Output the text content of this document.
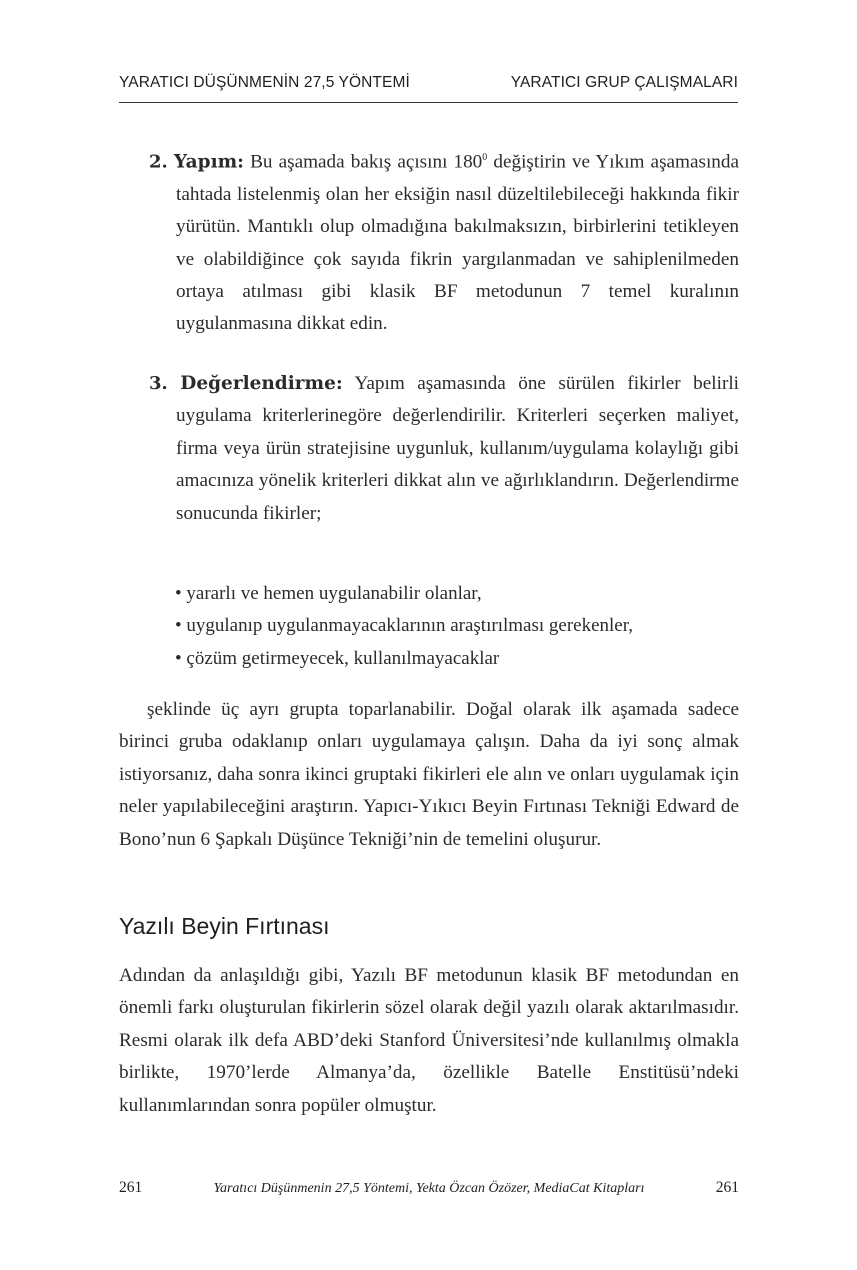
YARATICI DÜŞÜNMENİN 27,5 YÖNTEMİ	YARATICI GRUP ÇALIŞMALARI

2. Yapım: Bu aşamada bakış açısını $180^0$ değiştirin ve Yıkım aşamasında tahtada listelenmiş olan her eksiğin nasıl düzeltilebileceği hakkında fikir yürütün. Mantıklı olup olmadığına bakılmaksızın, birbirlerini tetikleyen ve olabildiğince çok sayıda fikrin yargılanmadan ve sahiplenilmeden ortaya atılması gibi klasik BF metodunun 7 temel kuralının uygulanmasına dikkat edin.

3. Değerlendirme: Yapım aşamasında öne sürülen fikirler belirli uygulama kriterlerinegöre değerlendirilir. Kriterleri seçerken maliyet, firma veya ürün stratejisine uygunluk, kullanım/uygulama kolaylığı gibi amacınıza yönelik kriterleri dikkat alın ve ağırlıklandırın. Değerlendirme sonucunda fikirler;

• yararlı ve hemen uygulanabilir olanlar,
• uygulanıp uygulanmayacaklarının araştırılması gerekenler,
• çözüm getirmeyecek, kullanılmayacaklar

şeklinde üç ayrı grupta toparlanabilir. Doğal olarak ilk aşamada sadece birinci gruba odaklanıp onları uygulamaya çalışın. Daha da iyi sonç almak istiyorsanız, daha sonra ikinci gruptaki fikirleri ele alın ve onları uygulamak için neler yapılabileceğini araştırın. Yapıcı-Yıkıcı Beyin Fırtınası Tekniği Edward de Bono’nun 6 Şapkalı Düşünce Tekniği’nin de temelini oluşurur.

Yazılı Beyin Fırtınası

Adından da anlaşıldığı gibi, Yazılı BF metodunun klasik BF metodundan en önemli farkı oluşturulan fikirlerin sözel olarak değil yazılı olarak aktarılmasıdır. Resmi olarak ilk defa ABD’deki Stanford Üniversitesi’nde kullanılmış olmakla birlikte, 1970’lerde Almanya’da, özellikle Batelle Enstitüsü’ndeki kullanımlarından sonra popüler olmuştur.

261	Yaratıcı Düşünmenin 27,5 Yöntemi, Yekta Özcan Özözer, MediaCat Kitapları	261
